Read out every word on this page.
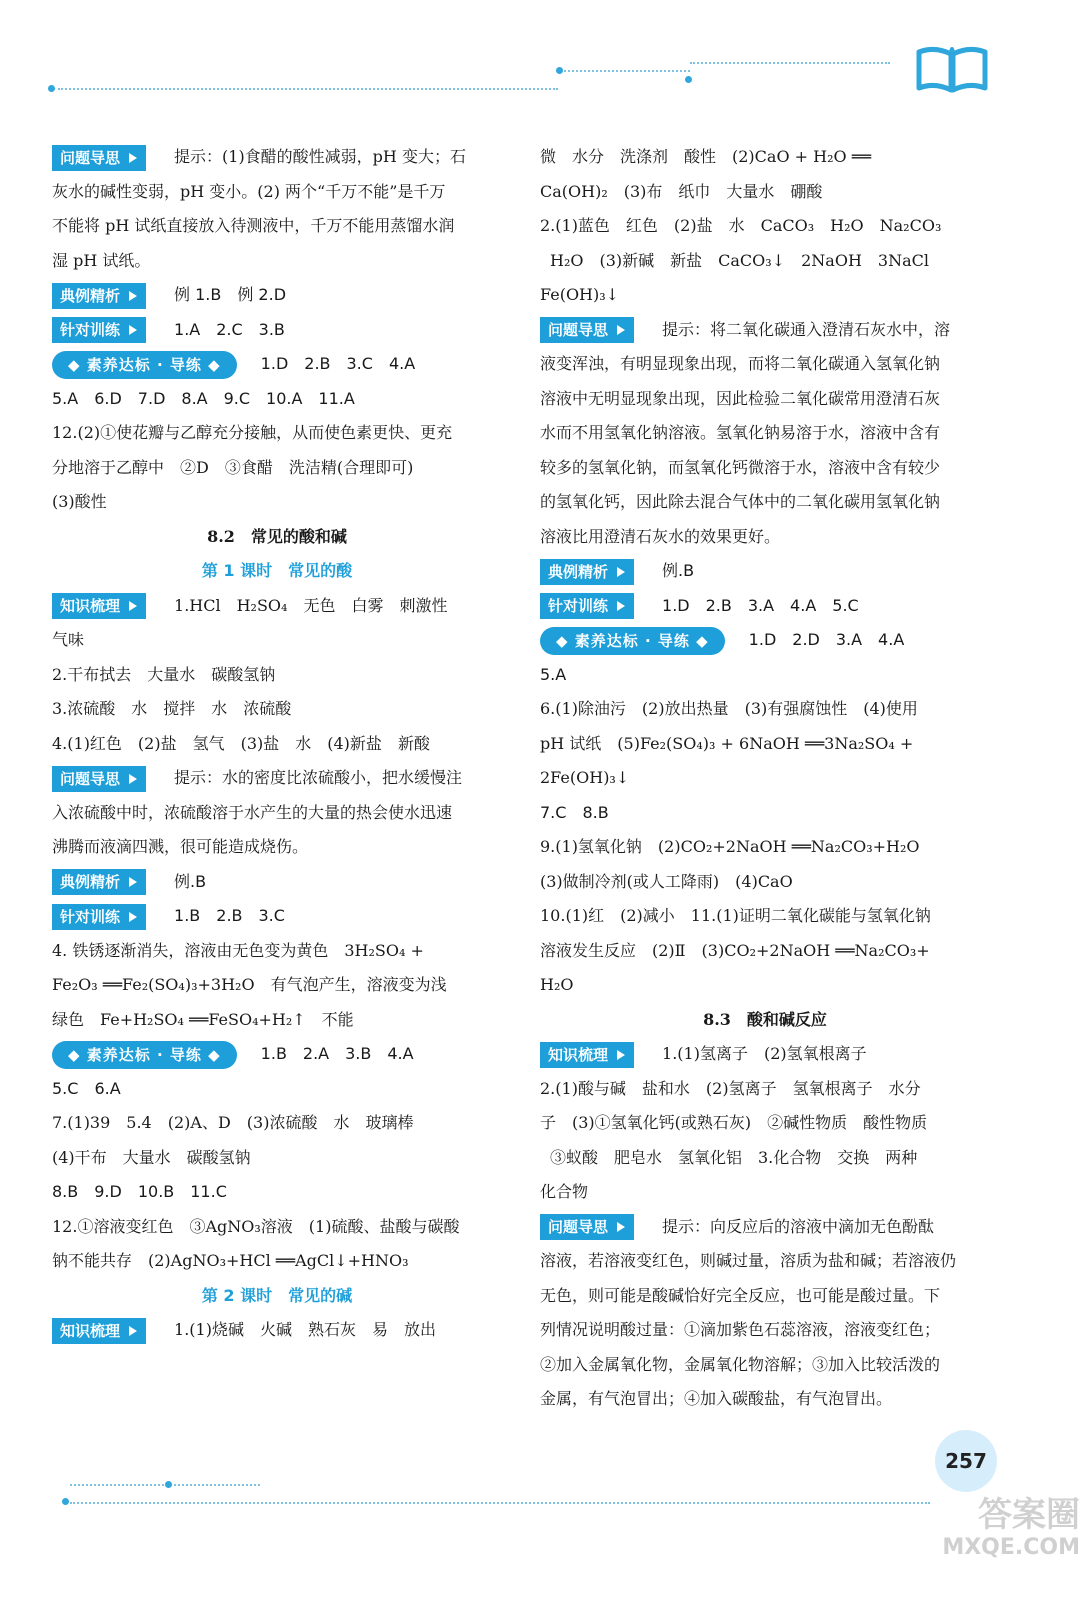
问题导思	提示：(1)食醋的酸性减弱，pH 变大；石
灰水的碱性变弱，pH 变小。(2) 两个“千万不能”是千万
不能将 pH 试纸直接放入待测液中，千万不能用蒸馏水润
湿 pH 试纸。
典例精析	例 1.B　例 2.D
针对训练	1.A　2.C　3.B
◆ 素养达标 · 导练 ◆	1.D　2.B　3.C　4.A
5.A　6.D　7.D　8.A　9.C　10.A　11.A
12.(2)①使花瓣与乙醇充分接触，从而使色素更快、更充
分地溶于乙醇中　②D　③食醋　洗洁精(合理即可)
(3)酸性
8.2　常见的酸和碱
第 1 课时　常见的酸
知识梳理	1.HCl　H₂SO₄　无色　白雾　刺激性
气味
2.干布拭去　大量水　碳酸氢钠
3.浓硫酸　水　搅拌　水　浓硫酸
4.(1)红色　(2)盐　氢气　(3)盐　水　(4)新盐　新酸
问题导思	提示：水的密度比浓硫酸小，把水缓慢注
入浓硫酸中时，浓硫酸溶于水产生的大量的热会使水迅速
沸腾而液滴四溅，很可能造成烧伤。
典例精析	例.B
针对训练	1.B　2.B　3.C
4. 铁锈逐渐消失，溶液由无色变为黄色　3H₂SO₄ +
Fe₂O₃ ══Fe₂(SO₄)₃+3H₂O　有气泡产生，溶液变为浅
绿色　Fe+H₂SO₄ ══FeSO₄+H₂↑　不能
◆ 素养达标 · 导练 ◆	1.B　2.A　3.B　4.A
5.C　6.A
7.(1)39　5.4　(2)A、D　(3)浓硫酸　水　玻璃棒
(4)干布　大量水　碳酸氢钠
8.B　9.D　10.B　11.C
12.①溶液变红色　③AgNO₃溶液　(1)硫酸、盐酸与碳酸
钠不能共存　(2)AgNO₃+HCl ══AgCl↓+HNO₃
第 2 课时　常见的碱
知识梳理	1.(1)烧碱　火碱　熟石灰　易　放出
微　水分　洗涤剂　酸性　(2)CaO + H₂O ══
Ca(OH)₂　(3)布　纸巾　大量水　硼酸
2.(1)蓝色　红色　(2)盐　水　CaCO₃　H₂O　Na₂CO₃
H₂O　(3)新碱　新盐　CaCO₃↓　2NaOH　3NaCl
Fe(OH)₃↓
问题导思	提示：将二氧化碳通入澄清石灰水中，溶
液变浑浊，有明显现象出现，而将二氧化碳通入氢氧化钠
溶液中无明显现象出现，因此检验二氧化碳常用澄清石灰
水而不用氢氧化钠溶液。氢氧化钠易溶于水，溶液中含有
较多的氢氧化钠，而氢氧化钙微溶于水，溶液中含有较少
的氢氧化钙，因此除去混合气体中的二氧化碳用氢氧化钠
溶液比用澄清石灰水的效果更好。
典例精析	例.B
针对训练	1.D　2.B　3.A　4.A　5.C
◆ 素养达标 · 导练 ◆	1.D　2.D　3.A　4.A
5.A
6.(1)除油污　(2)放出热量　(3)有强腐蚀性　(4)使用
pH 试纸　(5)Fe₂(SO₄)₃ + 6NaOH ══3Na₂SO₄ +
2Fe(OH)₃↓
7.C　8.B
9.(1)氢氧化钠　(2)CO₂+2NaOH ══Na₂CO₃+H₂O
(3)做制冷剂(或人工降雨)　(4)CaO
10.(1)红　(2)减小　11.(1)证明二氧化碳能与氢氧化钠
溶液发生反应　(2)Ⅱ　(3)CO₂+2NaOH ══Na₂CO₃+
H₂O
8.3　酸和碱反应
知识梳理	1.(1)氢离子　(2)氢氧根离子
2.(1)酸与碱　盐和水　(2)氢离子　氢氧根离子　水分
子　(3)①氢氧化钙(或熟石灰)　②碱性物质　酸性物质
③蚁酸　肥皂水　氢氧化铝　3.化合物　交换　两种
化合物
问题导思	提示：向反应后的溶液中滴加无色酚酞
溶液，若溶液变红色，则碱过量，溶质为盐和碱；若溶液仍
无色，则可能是酸碱恰好完全反应，也可能是酸过量。下
列情况说明酸过量：①滴加紫色石蕊溶液，溶液变红色；
②加入金属氧化物，金属氧化物溶解；③加入比较活泼的
金属，有气泡冒出；④加入碳酸盐，有气泡冒出。
257
答案圈
MXQE.COM
